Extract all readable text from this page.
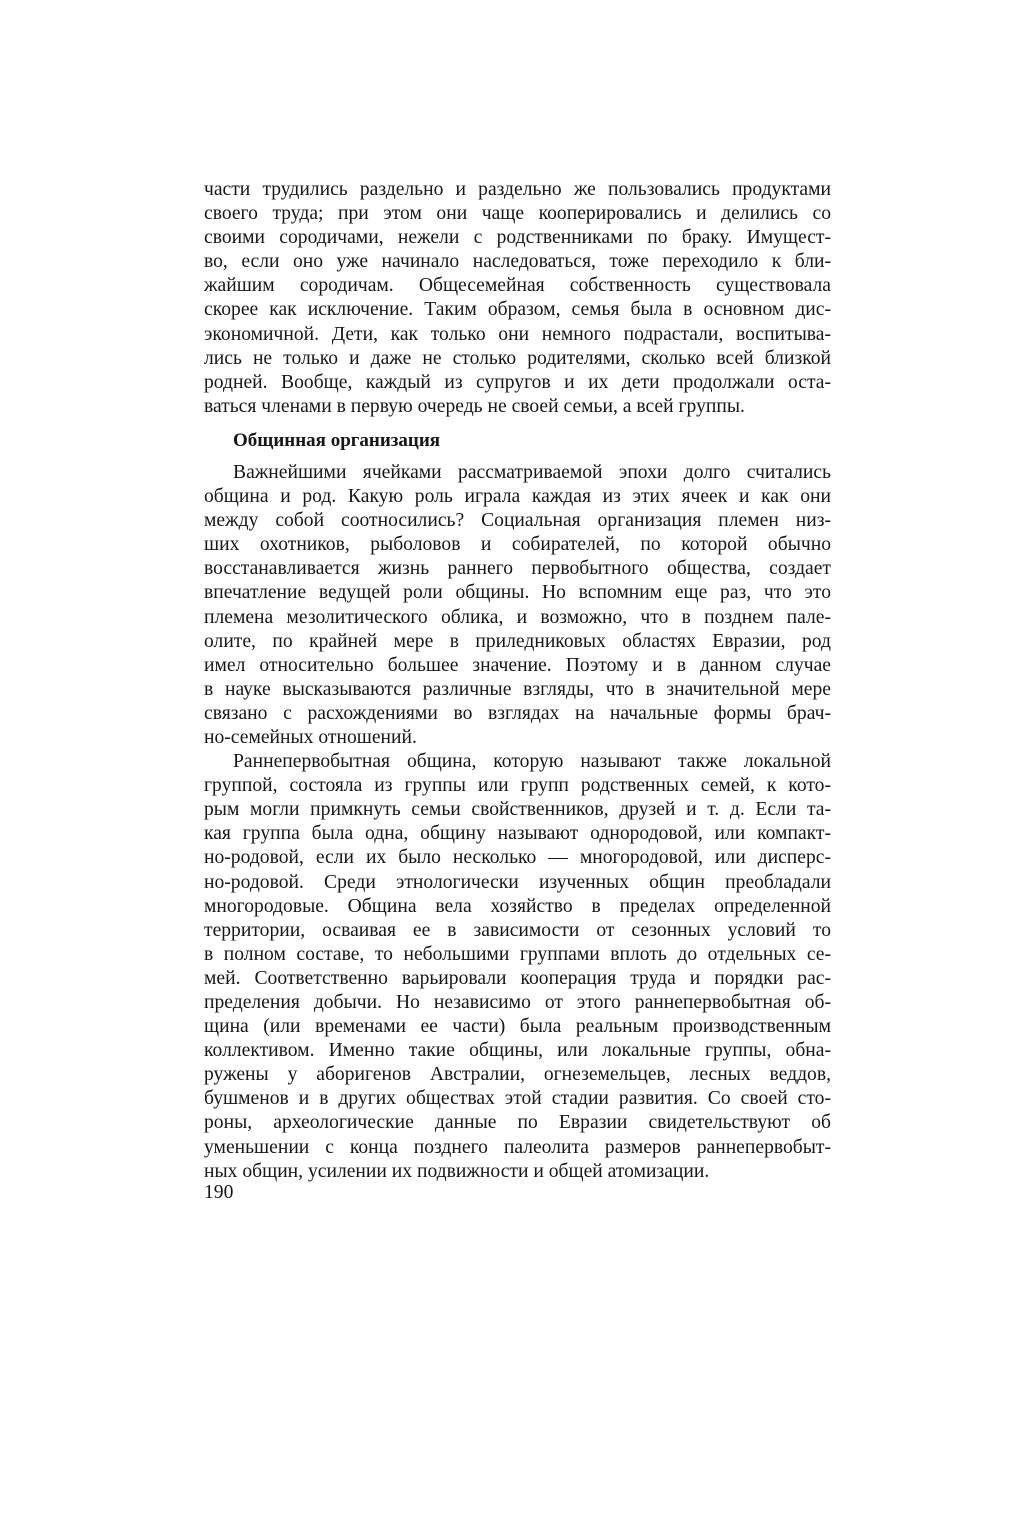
части трудились раздельно и раздельно же пользовались продуктами
своего труда; при этом они чаще кооперировались и делились со
своими сородичами, нежели с родственниками по браку. Имущест-
во, если оно уже начинало наследоваться, тоже переходило к бли-
жайшим сородичам. Общесемейная собственность существовала
скорее как исключение. Таким образом, семья была в основном дис-
экономичной. Дети, как только они немного подрастали, воспитыва-
лись не только и даже не столько родителями, сколько всей близкой
родней. Вообще, каждый из супругов и их дети продолжали оста-
ваться членами в первую очередь не своей семьи, а всей группы.
Общинная организация
Важнейшими ячейками рассматриваемой эпохи долго считались
община и род. Какую роль играла каждая из этих ячеек и как они
между собой соотносились? Социальная организация племен низ-
ших охотников, рыболовов и собирателей, по которой обычно
восстанавливается жизнь раннего первобытного общества, создает
впечатление ведущей роли общины. Но вспомним еще раз, что это
племена мезолитического облика, и возможно, что в позднем пале-
олите, по крайней мере в приледниковых областях Евразии, род
имел относительно большее значение. Поэтому и в данном случае
в науке высказываются различные взгляды, что в значительной мере
связано с расхождениями во взглядах на начальные формы брач-
но-семейных отношений.
Раннепервобытная община, которую называют также локальной
группой, состояла из группы или групп родственных семей, к кото-
рым могли примкнуть семьи свойственников, друзей и т. д. Если та-
кая группа была одна, общину называют однородовой, или компакт-
но-родовой, если их было несколько — многородовой, или дисперс-
но-родовой. Среди этнологически изученных общин преобладали
многородовые. Община вела хозяйство в пределах определенной
территории, осваивая ее в зависимости от сезонных условий то
в полном составе, то небольшими группами вплоть до отдельных се-
мей. Соответственно варьировали кооперация труда и порядки рас-
пределения добычи. Но независимо от этого раннепервобытная об-
щина (или временами ее части) была реальным производственным
коллективом. Именно такие общины, или локальные группы, обна-
ружены у аборигенов Австралии, огнеземельцев, лесных веддов,
бушменов и в других обществах этой стадии развития. Со своей сто-
роны, археологические данные по Евразии свидетельствуют об
уменьшении с конца позднего палеолита размеров раннепервобыт-
ных общин, усилении их подвижности и общей атомизации.
190
